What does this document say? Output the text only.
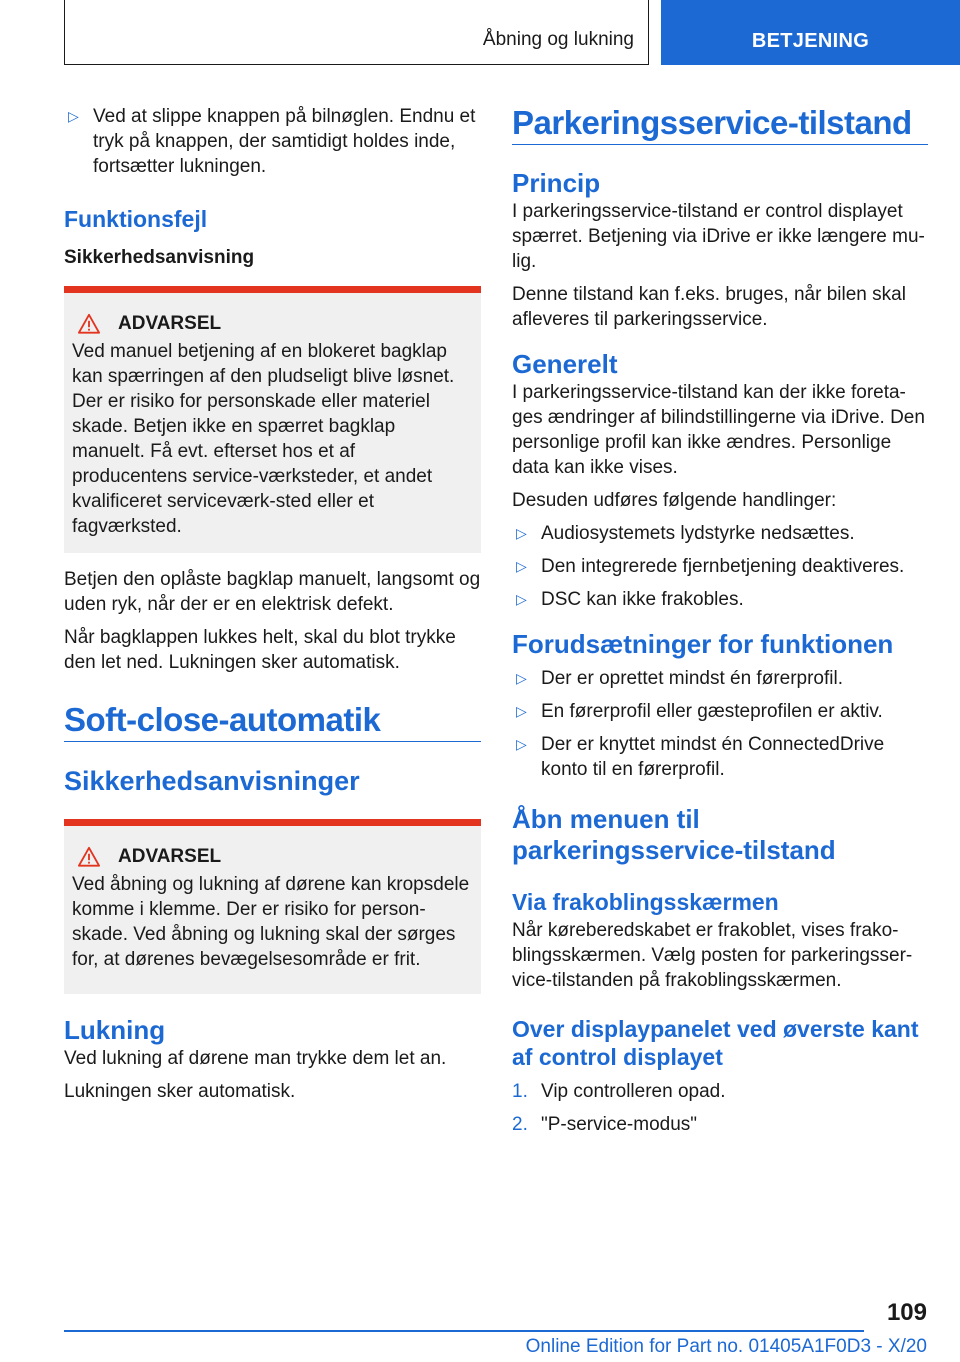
Åbning og lukning	BETJENING
▷ Ved at slippe knappen på bilnøglen. Endnu et tryk på knappen, der samtidigt holdes inde, fortsætter lukningen.
Funktionsfejl
Sikkerhedsanvisning
ADVARSEL
Ved manuel betjening af en blokeret bagklap kan spærringen af den pludseligt blive løsnet. Der er risiko for personskade eller materiel skade. Betjen ikke en spærret bagklap manuelt. Få evt. efterset hos et af producentens service-værksteder, et andet kvalificeret serviceværk-sted eller et fagværksted.
Betjen den oplåste bagklap manuelt, langsomt og uden ryk, når der er en elektrisk defekt.
Når bagklappen lukkes helt, skal du blot trykke den let ned. Lukningen sker automatisk.
Soft-close-automatik
Sikkerhedsanvisninger
ADVARSEL
Ved åbning og lukning af dørene kan kropsdele komme i klemme. Der er risiko for person-skade. Ved åbning og lukning skal der sørges for, at dørenes bevægelsesområde er frit.
Lukning
Ved lukning af dørene man trykke dem let an.
Lukningen sker automatisk.
Parkeringsservice-tilstand
Princip
I parkeringsservice-tilstand er control displayet spærret. Betjening via iDrive er ikke længere mu-lig.
Denne tilstand kan f.eks. bruges, når bilen skal afleveres til parkeringsservice.
Generelt
I parkeringsservice-tilstand kan der ikke foreta-ges ændringer af bilindstillingerne via iDrive. Den personlige profil kan ikke ændres. Personlige data kan ikke vises.
Desuden udføres følgende handlinger:
▷ Audiosystemets lydstyrke nedsættes.
▷ Den integrerede fjernbetjening deaktiveres.
▷ DSC kan ikke frakobles.
Forudsætninger for funktionen
▷ Der er oprettet mindst én førerprofil.
▷ En førerprofil eller gæsteprofilen er aktiv.
▷ Der er knyttet mindst én ConnectedDrive konto til en førerprofil.
Åbn menuen til parkeringsservice-tilstand
Via frakoblingsskærmen
Når køreberedskabet er frakoblet, vises frako-blingsskærmen. Vælg posten for parkeringsser-vice-tilstanden på frakoblingsskærmen.
Over displaypanelet ved øverste kant af control displayet
1. Vip controlleren opad.
2. "P-service-modus"
109
Online Edition for Part no. 01405A1F0D3 - X/20
